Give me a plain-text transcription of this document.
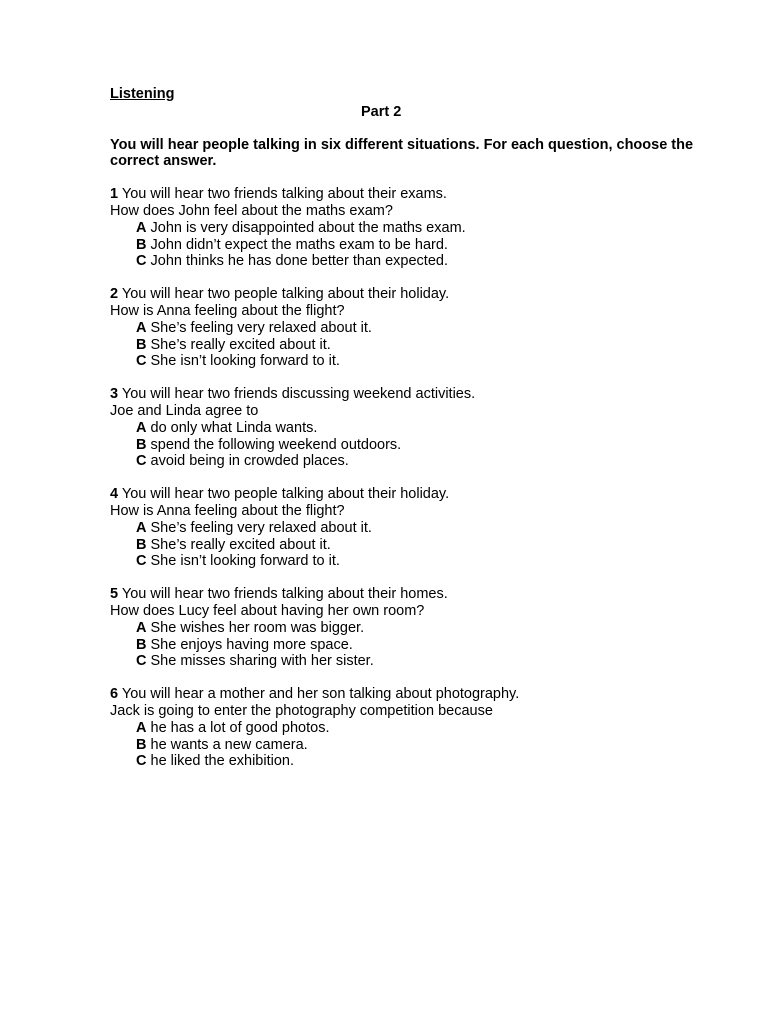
Listening
Part 2
You will hear people talking in six different situations. For each question, choose the correct answer.
1 You will hear two friends talking about their exams.
How does John feel about the maths exam?
A John is very disappointed about the maths exam.
B John didn’t expect the maths exam to be hard.
C John thinks he has done better than expected.
2 You will hear two people talking about their holiday.
How is Anna feeling about the flight?
A She’s feeling very relaxed about it.
B She’s really excited about it.
C She isn’t looking forward to it.
3 You will hear two friends discussing weekend activities.
Joe and Linda agree to
A do only what Linda wants.
B spend the following weekend outdoors.
C avoid being in crowded places.
4 You will hear two people talking about their holiday.
How is Anna feeling about the flight?
A She’s feeling very relaxed about it.
B She’s really excited about it.
C She isn’t looking forward to it.
5 You will hear two friends talking about their homes.
How does Lucy feel about having her own room?
A She wishes her room was bigger.
B She enjoys having more space.
C She misses sharing with her sister.
6 You will hear a mother and her son talking about photography.
Jack is going to enter the photography competition because
A he has a lot of good photos.
B he wants a new camera.
C he liked the exhibition.
